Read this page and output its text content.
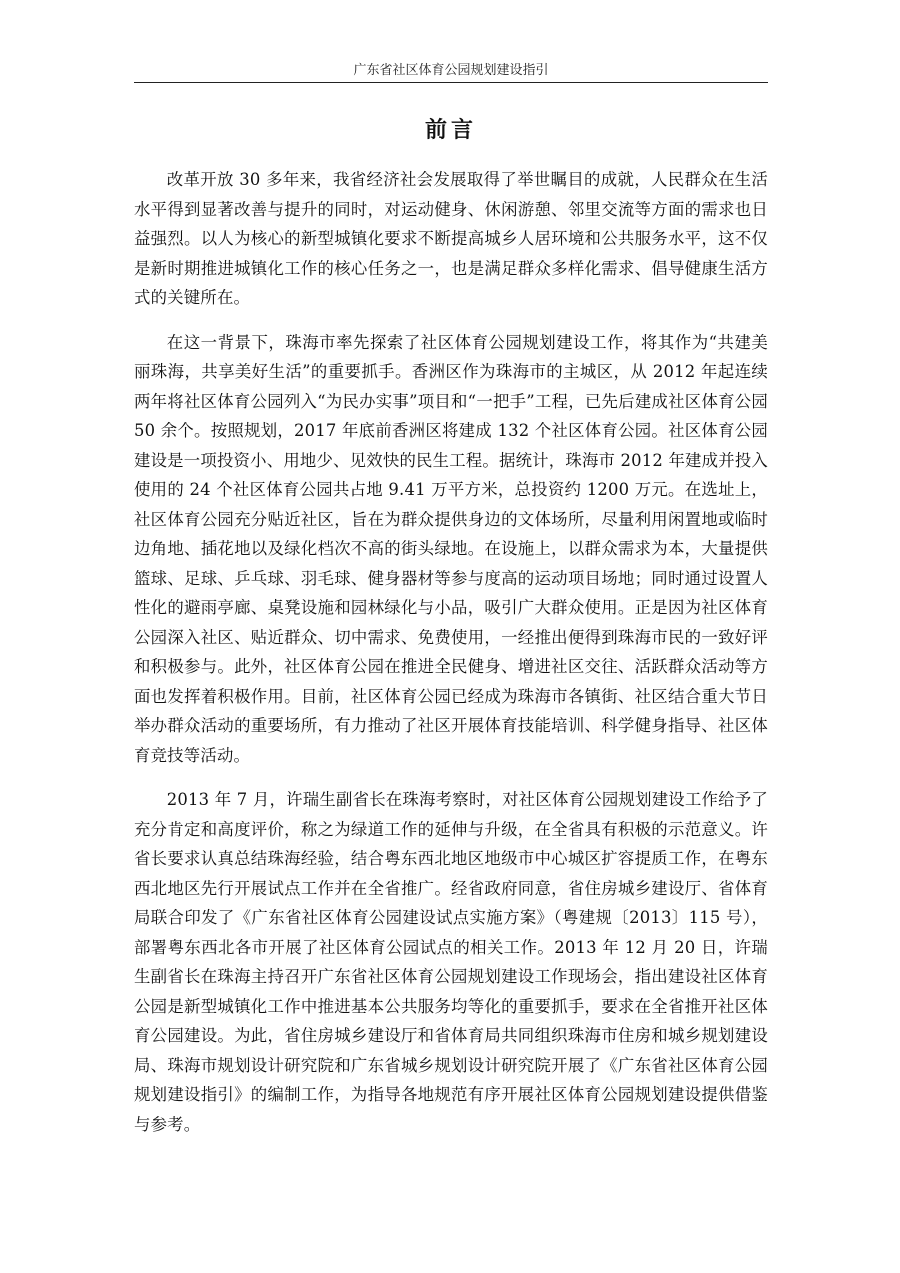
广东省社区体育公园规划建设指引
前言

改革开放 30 多年来，我省经济社会发展取得了举世瞩目的成就，人民群众在生活水平得到显著改善与提升的同时，对运动健身、休闲游憩、邻里交流等方面的需求也日益强烈。以人为核心的新型城镇化要求不断提高城乡人居环境和公共服务水平，这不仅是新时期推进城镇化工作的核心任务之一，也是满足群众多样化需求、倡导健康生活方式的关键所在。

在这一背景下，珠海市率先探索了社区体育公园规划建设工作，将其作为“共建美丽珠海，共享美好生活”的重要抓手。香洲区作为珠海市的主城区，从 2012 年起连续两年将社区体育公园列入“为民办实事”项目和“一把手”工程，已先后建成社区体育公园 50 余个。按照规划，2017 年底前香洲区将建成 132 个社区体育公园。社区体育公园建设是一项投资小、用地少、见效快的民生工程。据统计，珠海市 2012 年建成并投入使用的 24 个社区体育公园共占地 9.41 万平方米，总投资约 1200 万元。在选址上，社区体育公园充分贴近社区，旨在为群众提供身边的文体场所，尽量利用闲置地或临时边角地、插花地以及绿化档次不高的街头绿地。在设施上，以群众需求为本，大量提供篮球、足球、乒乓球、羽毛球、健身器材等参与度高的运动项目场地；同时通过设置人性化的避雨亭廊、桌凳设施和园林绿化与小品，吸引广大群众使用。正是因为社区体育公园深入社区、贴近群众、切中需求、免费使用，一经推出便得到珠海市民的一致好评和积极参与。此外，社区体育公园在推进全民健身、增进社区交往、活跃群众活动等方面也发挥着积极作用。目前，社区体育公园已经成为珠海市各镇街、社区结合重大节日举办群众活动的重要场所，有力推动了社区开展体育技能培训、科学健身指导、社区体育竞技等活动。

2013 年 7 月，许瑞生副省长在珠海考察时，对社区体育公园规划建设工作给予了充分肯定和高度评价，称之为绿道工作的延伸与升级，在全省具有积极的示范意义。许省长要求认真总结珠海经验，结合粤东西北地区地级市中心城区扩容提质工作，在粤东西北地区先行开展试点工作并在全省推广。经省政府同意，省住房城乡建设厅、省体育局联合印发了《广东省社区体育公园建设试点实施方案》（粤建规〔2013〕115 号），部署粤东西北各市开展了社区体育公园试点的相关工作。2013 年 12 月 20 日，许瑞生副省长在珠海主持召开广东省社区体育公园规划建设工作现场会，指出建设社区体育公园是新型城镇化工作中推进基本公共服务均等化的重要抓手，要求在全省推开社区体育公园建设。为此，省住房城乡建设厅和省体育局共同组织珠海市住房和城乡规划建设局、珠海市规划设计研究院和广东省城乡规划设计研究院开展了《广东省社区体育公园规划建设指引》的编制工作，为指导各地规范有序开展社区体育公园规划建设提供借鉴与参考。
